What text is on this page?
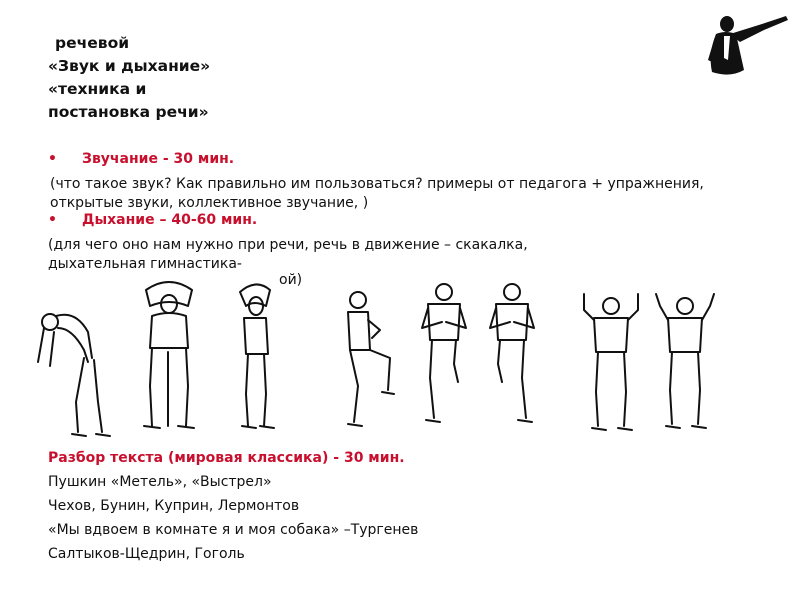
речевой
«Звук и дыхание»
«техника и
постановка речи»
• Звучание - 30 мин.
(что такое звук? Как правильно им пользоваться? примеры от педагога + упражнения, открытые звуки, коллективное звучание, )
• Дыхание – 40-60 мин.
(для чего оно нам нужно при речи, речь в движение – скакалка,
дыхательная гимнастика-
ой)
Разбор текста (мировая классика) - 30 мин.
Пушкин «Метель», «Выстрел»
Чехов, Бунин, Куприн, Лермонтов
«Мы вдвоем в комнате я и моя собака» –Тургенев
Салтыков-Щедрин, Гоголь
